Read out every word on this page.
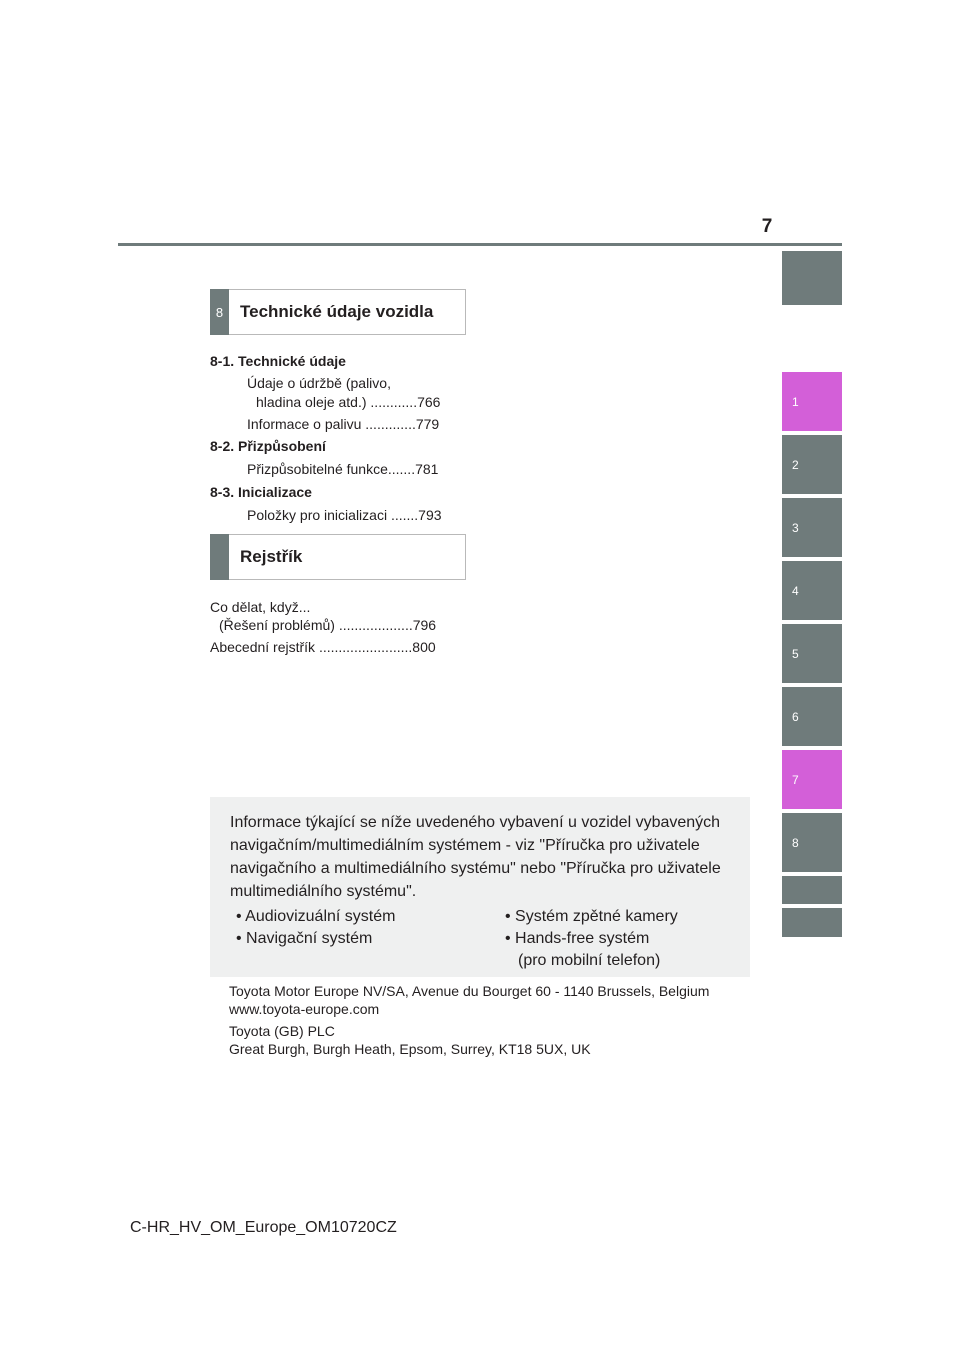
7
1
2
3
4
5
6
7
8
8 Technické údaje vozidla
8-1. Technické údaje
Údaje o údržbě (palivo,
hladina oleje atd.) ............766
Informace o palivu .............779
8-2. Přizpůsobení
Přizpůsobitelné funkce.......781
8-3. Inicializace
Položky pro inicializaci .......793
Rejstřík
Co dělat, když...
(Řešení problémů) ...................796
Abecední rejstřík ........................800
Informace týkající se níže uvedeného vybavení u vozidel vybavených
navigačním/multimediálním systémem - viz "Příručka pro uživatele
navigačního a multimediálního systému" nebo "Příručka pro uživatele
multimediálního systému".
• Audiovizuální systém
• Navigační systém
• Systém zpětné kamery
• Hands-free systém
(pro mobilní telefon)
Toyota Motor Europe NV/SA, Avenue du Bourget 60 - 1140 Brussels, Belgium
www.toyota-europe.com
Toyota (GB) PLC
Great Burgh, Burgh Heath, Epsom, Surrey, KT18 5UX, UK
C-HR_HV_OM_Europe_OM10720CZ
